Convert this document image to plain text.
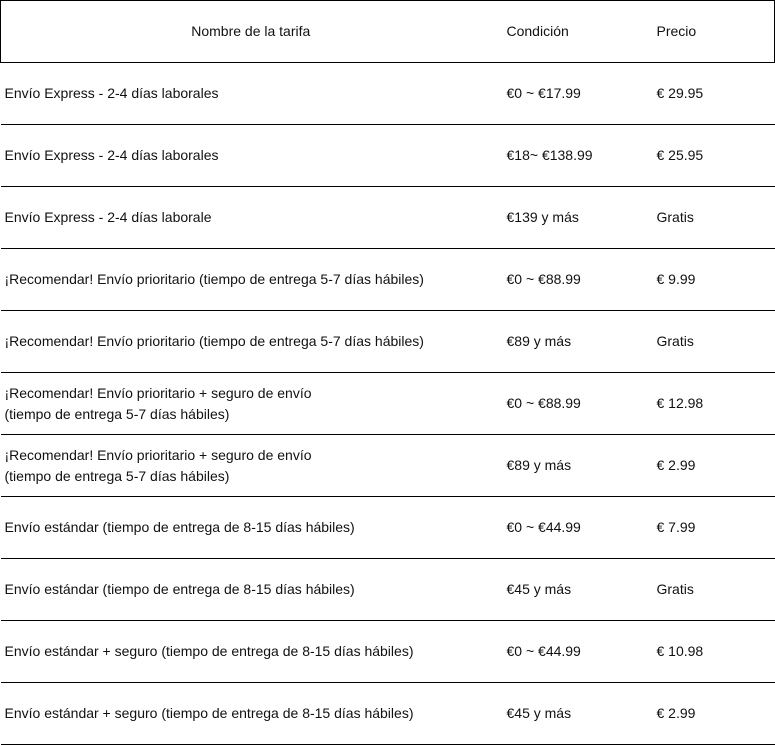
Nombre de la tarifa	Condición	Precio
Envío Express - 2-4 días laborales	€0 ~ €17.99	€ 29.95
Envío Express - 2-4 días laborales	€18~ €138.99	€ 25.95
Envío Express - 2-4 días laborale	€139 y más	Gratis
¡Recomendar! Envío prioritario (tiempo de entrega 5-7 días hábiles)	€0 ~ €88.99	€ 9.99
¡Recomendar! Envío prioritario (tiempo de entrega 5-7 días hábiles)	€89 y más	Gratis
¡Recomendar! Envío prioritario + seguro de envío
(tiempo de entrega 5-7 días hábiles)	€0 ~ €88.99	€ 12.98
¡Recomendar! Envío prioritario + seguro de envío
(tiempo de entrega 5-7 días hábiles)	€89 y más	€ 2.99
Envío estándar (tiempo de entrega de 8-15 días hábiles)	€0 ~ €44.99	€ 7.99
Envío estándar (tiempo de entrega de 8-15 días hábiles)	€45 y más	Gratis
Envío estándar + seguro (tiempo de entrega de 8-15 días hábiles)	€0 ~ €44.99	€ 10.98
Envío estándar + seguro (tiempo de entrega de 8-15 días hábiles)	€45 y más	€ 2.99
